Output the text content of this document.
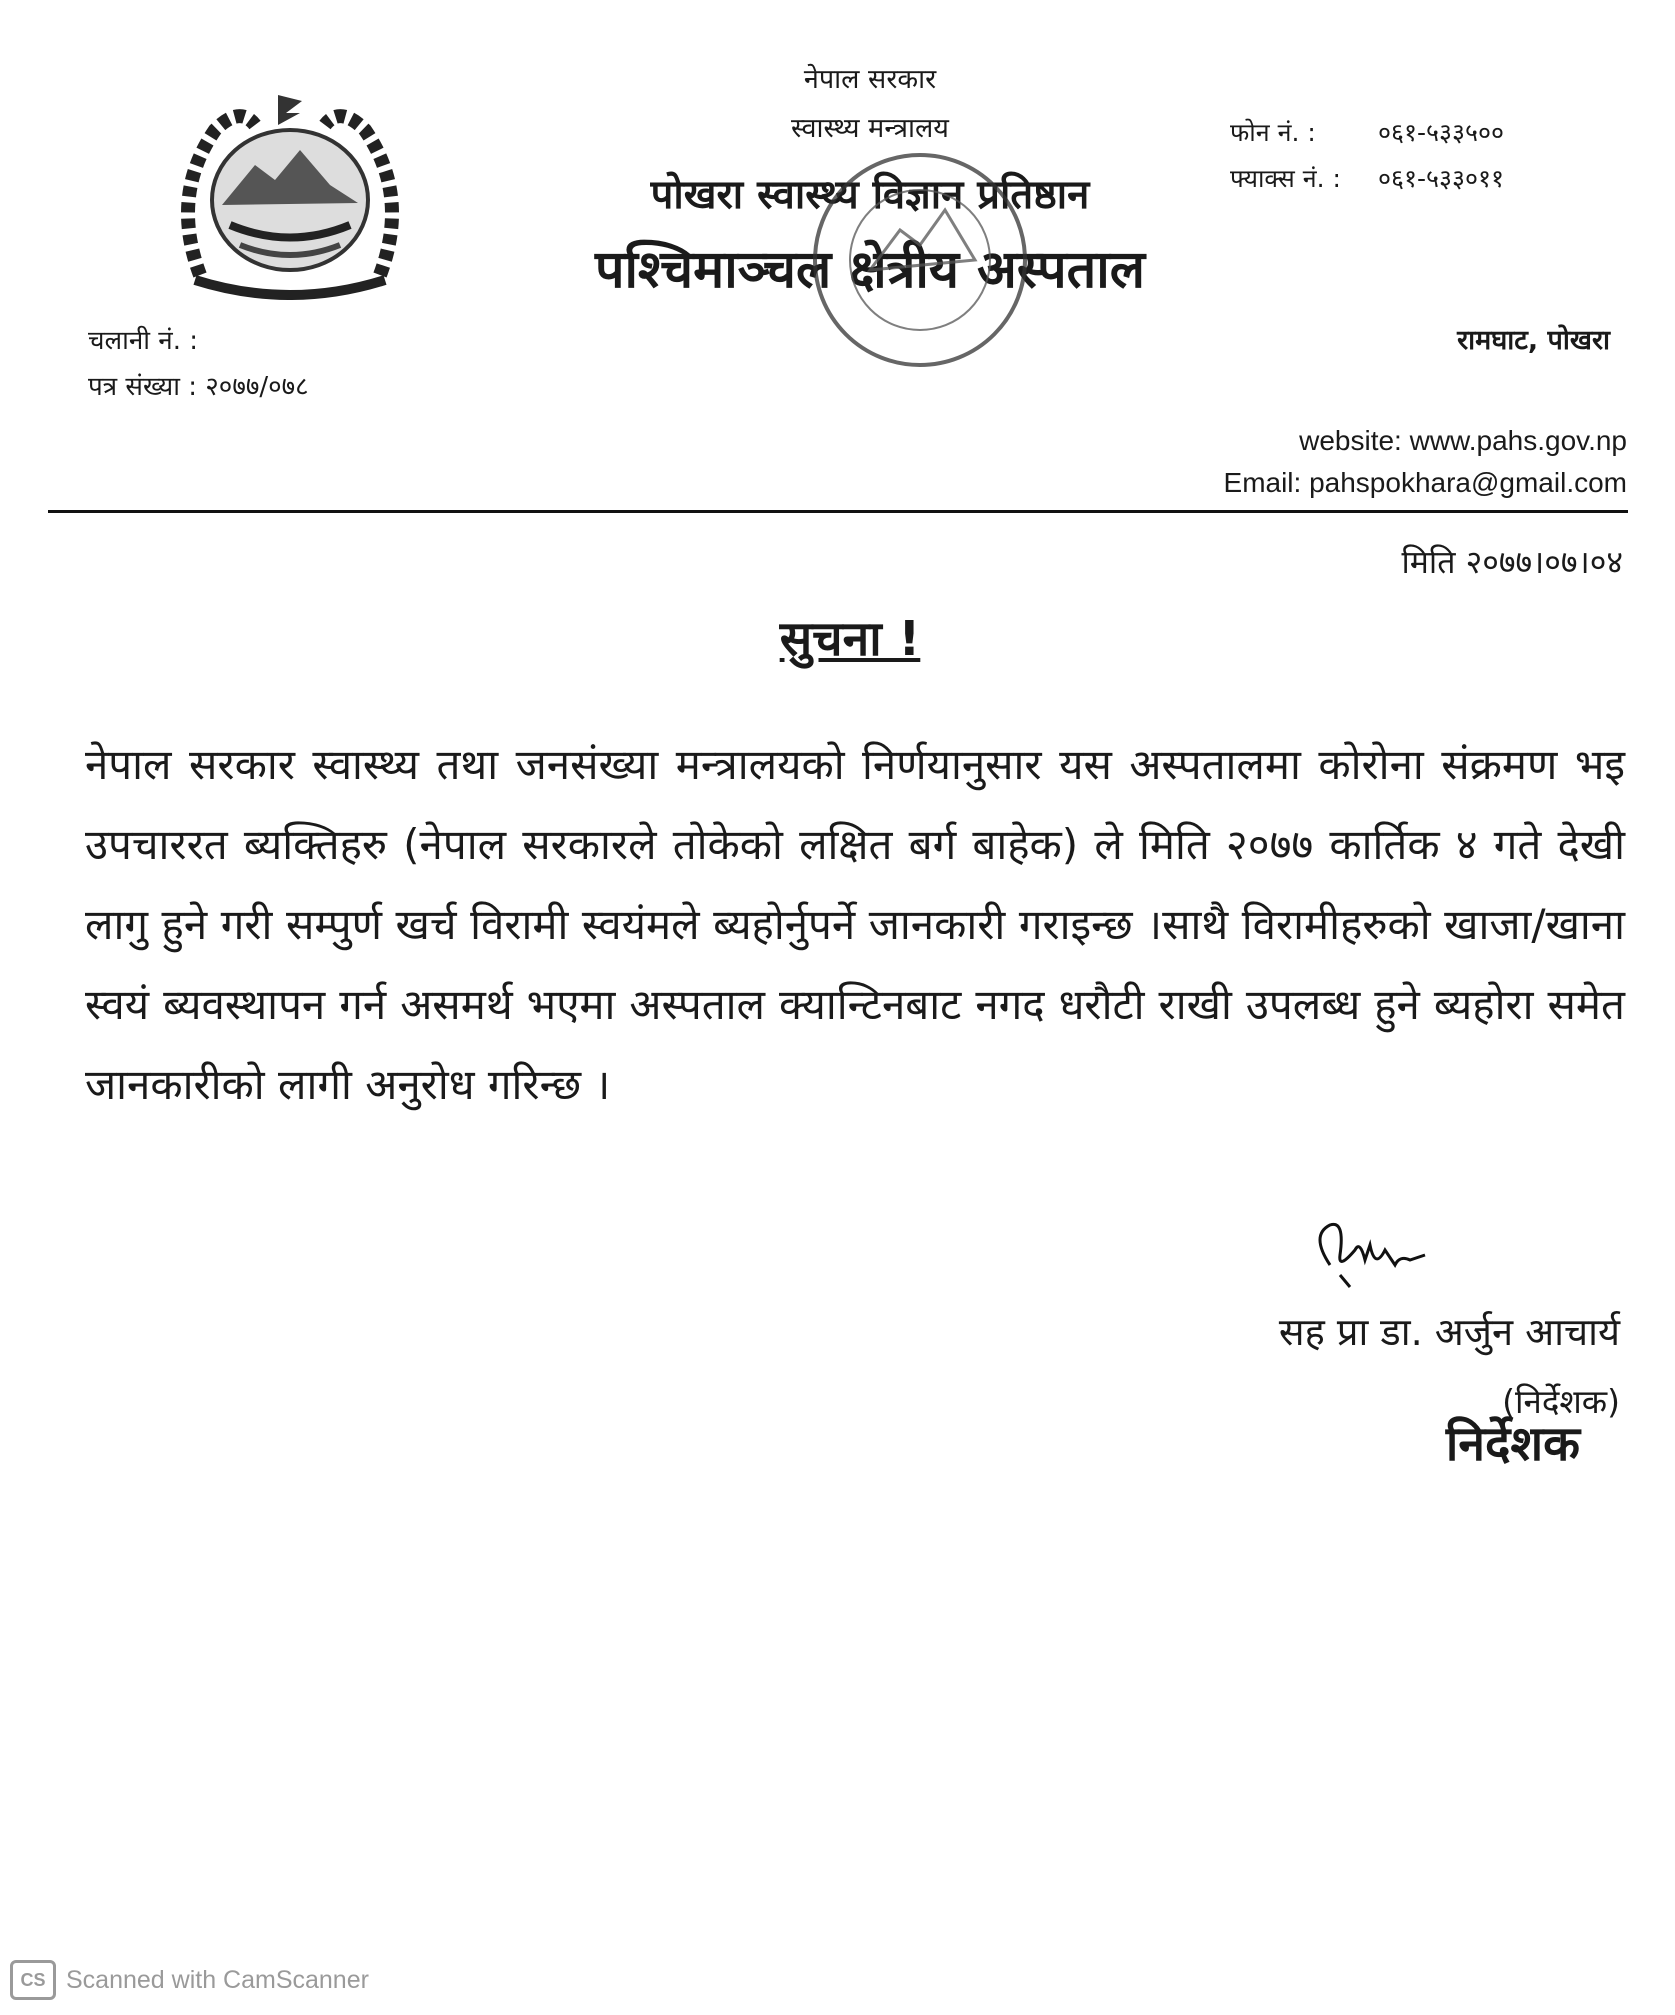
नेपाल सरकार
स्वास्थ्य मन्त्रालय
पोखरा स्वास्थ्य विज्ञान प्रतिष्ठान
पश्चिमाञ्चल क्षेत्रीय अस्पताल
फोन नं. : ०६१-५३३५००
फ्याक्स नं. : ०६१-५३३०११
चलानी नं. :
पत्र संख्या : २०७७/०७८
रामघाट, पोखरा
website: www.pahs.gov.np
Email: pahspokhara@gmail.com
मिति २०७७।०७।०४
सुचना !
नेपाल सरकार स्वास्थ्य तथा जनसंख्या मन्त्रालयको निर्णयानुसार यस अस्पतालमा कोरोना संक्रमण भइ उपचाररत ब्यक्तिहरु (नेपाल सरकारले तोकेको लक्षित बर्ग बाहेक) ले मिति २०७७ कार्तिक ४ गते देखी लागु हुने गरी सम्पुर्ण खर्च विरामी स्वयंमले ब्यहोर्नुपर्ने जानकारी गराइन्छ ।साथै विरामीहरुको खाजा/खाना स्वयं ब्यवस्थापन गर्न असमर्थ भएमा अस्पताल क्यान्टिनबाट नगद धरौटी राखी उपलब्ध हुने ब्यहोरा समेत जानकारीको लागी अनुरोध गरिन्छ ।
सह प्रा डा. अर्जुन आचार्य
(निर्देशक)
निर्देशक
CS Scanned with CamScanner
